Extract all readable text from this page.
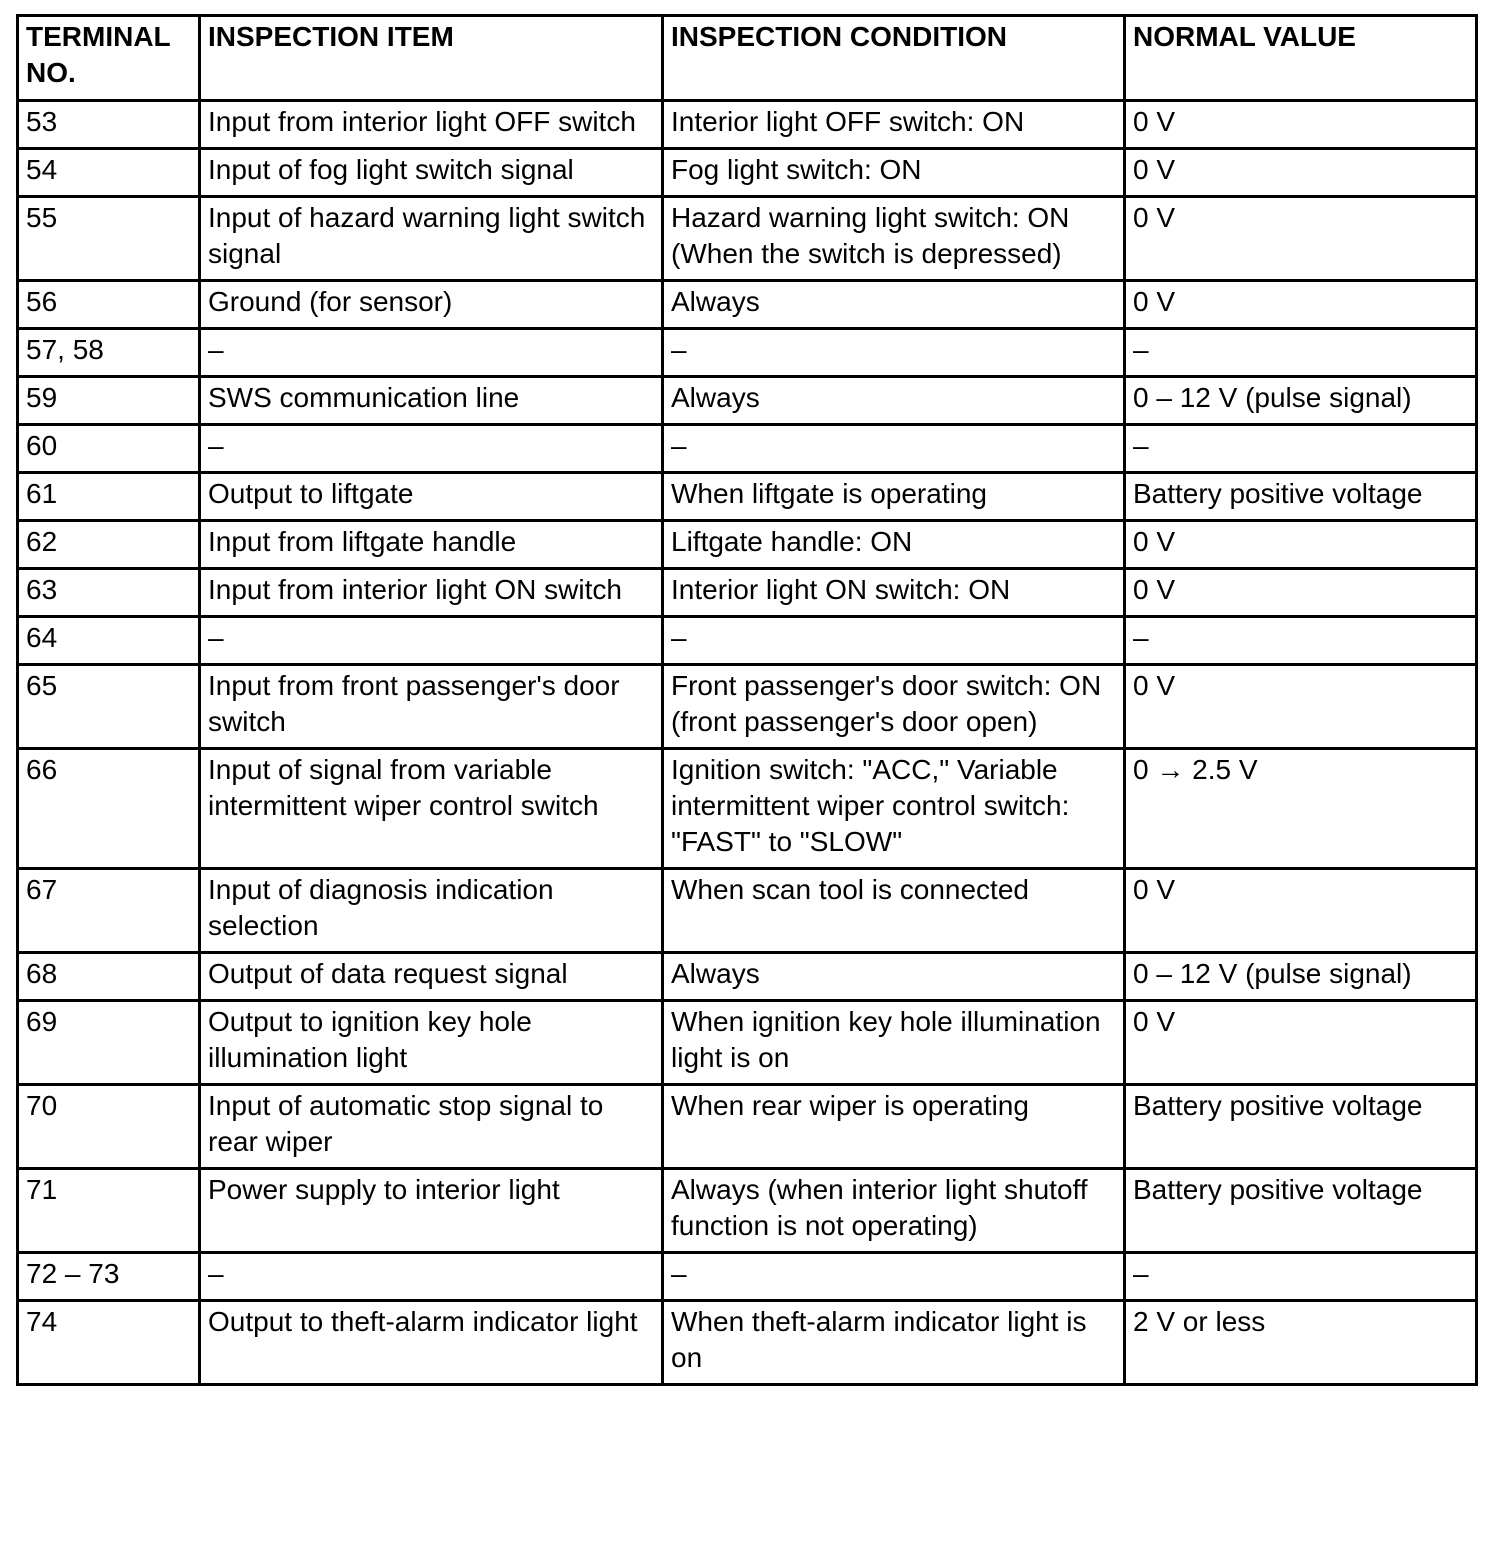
TERMINAL NO.	INSPECTION ITEM	INSPECTION CONDITION	NORMAL VALUE
53	Input from interior light OFF switch	Interior light OFF switch: ON	0 V
54	Input of fog light switch signal	Fog light switch: ON	0 V
55	Input of hazard warning light switch signal	Hazard warning light switch: ON (When the switch is depressed)	0 V
56	Ground (for sensor)	Always	0 V
57, 58	–	–	–
59	SWS communication line	Always	0 – 12 V (pulse signal)
60	–	–	–
61	Output to liftgate	When liftgate is operating	Battery positive voltage
62	Input from liftgate handle	Liftgate handle: ON	0 V
63	Input from interior light ON switch	Interior light ON switch: ON	0 V
64	–	–	–
65	Input from front passenger's door switch	Front passenger's door switch: ON (front passenger's door open)	0 V
66	Input of signal from variable intermittent wiper control switch	Ignition switch: "ACC," Variable intermittent wiper control switch: "FAST" to "SLOW"	0 → 2.5 V
67	Input of diagnosis indication selection	When scan tool is connected	0 V
68	Output of data request signal	Always	0 – 12 V (pulse signal)
69	Output to ignition key hole illumination light	When ignition key hole illumination light is on	0 V
70	Input of automatic stop signal to rear wiper	When rear wiper is operating	Battery positive voltage
71	Power supply to interior light	Always (when interior light shutoff function is not operating)	Battery positive voltage
72 – 73	–	–	–
74	Output to theft-alarm indicator light	When theft-alarm indicator light is on	2 V or less
